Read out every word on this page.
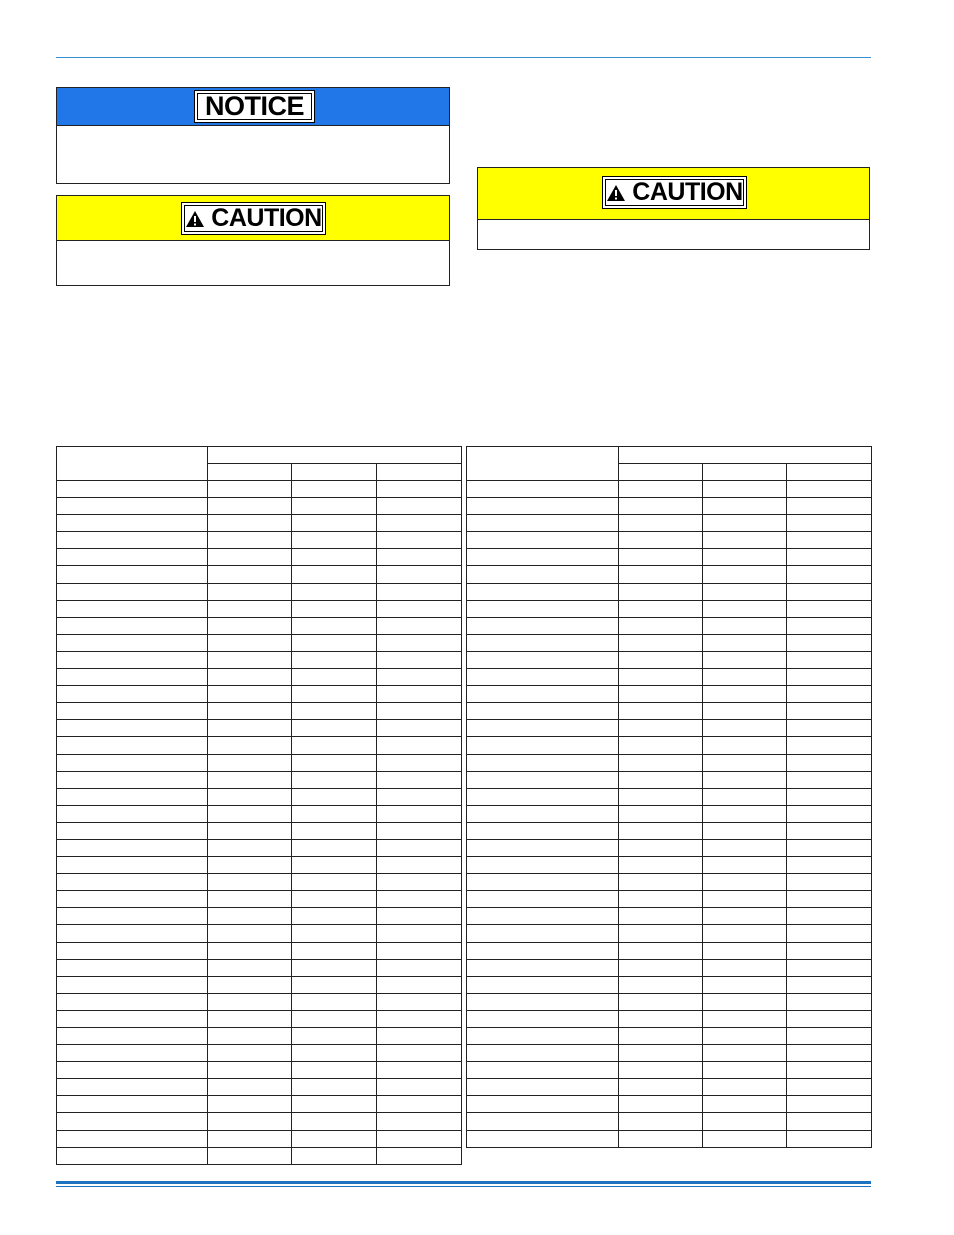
NOTICE
CAUTION
CAUTION
